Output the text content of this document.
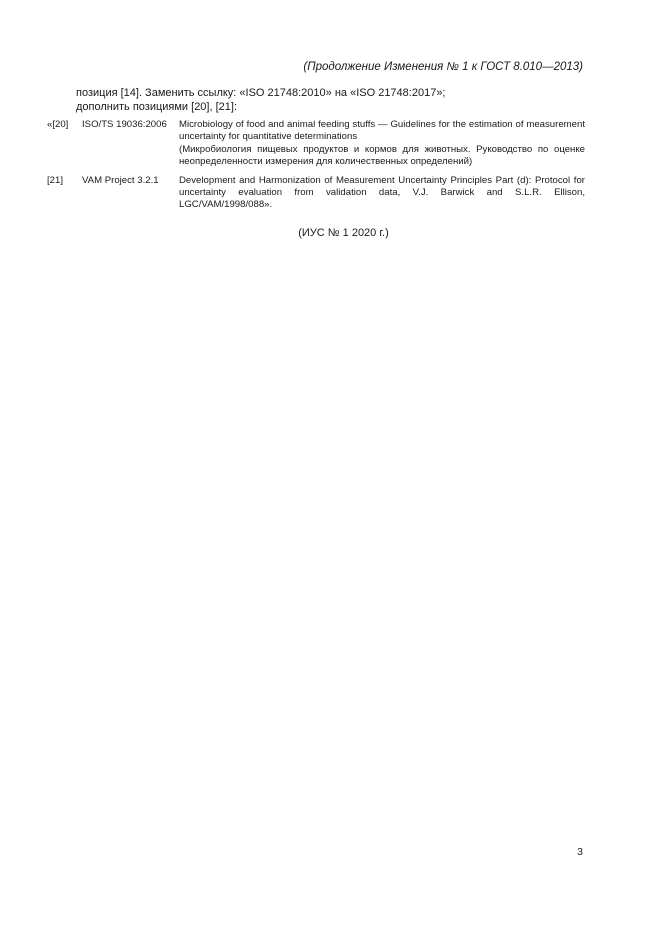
(Продолжение Изменения № 1 к ГОСТ 8.010—2013)
позиция [14]. Заменить ссылку: «ISO 21748:2010» на «ISO 21748:2017»;
дополнить позициями [20], [21]:
«[20]	ISO/TS 19036:2006	Microbiology of food and animal feeding stuffs — Guidelines for the estimation of measurement uncertainty for quantitative determinations
(Микробиология пищевых продуктов и кормов для животных. Руководство по оценке неопределенности измерения для количественных определений)
[21]	VAM Project 3.2.1	Development and Harmonization of Measurement Uncertainty Principles Part (d): Protocol for uncertainty evaluation from validation data, V.J. Barwick and S.L.R. Ellison, LGC/VAM/1998/088».
(ИУС № 1 2020 г.)
3
